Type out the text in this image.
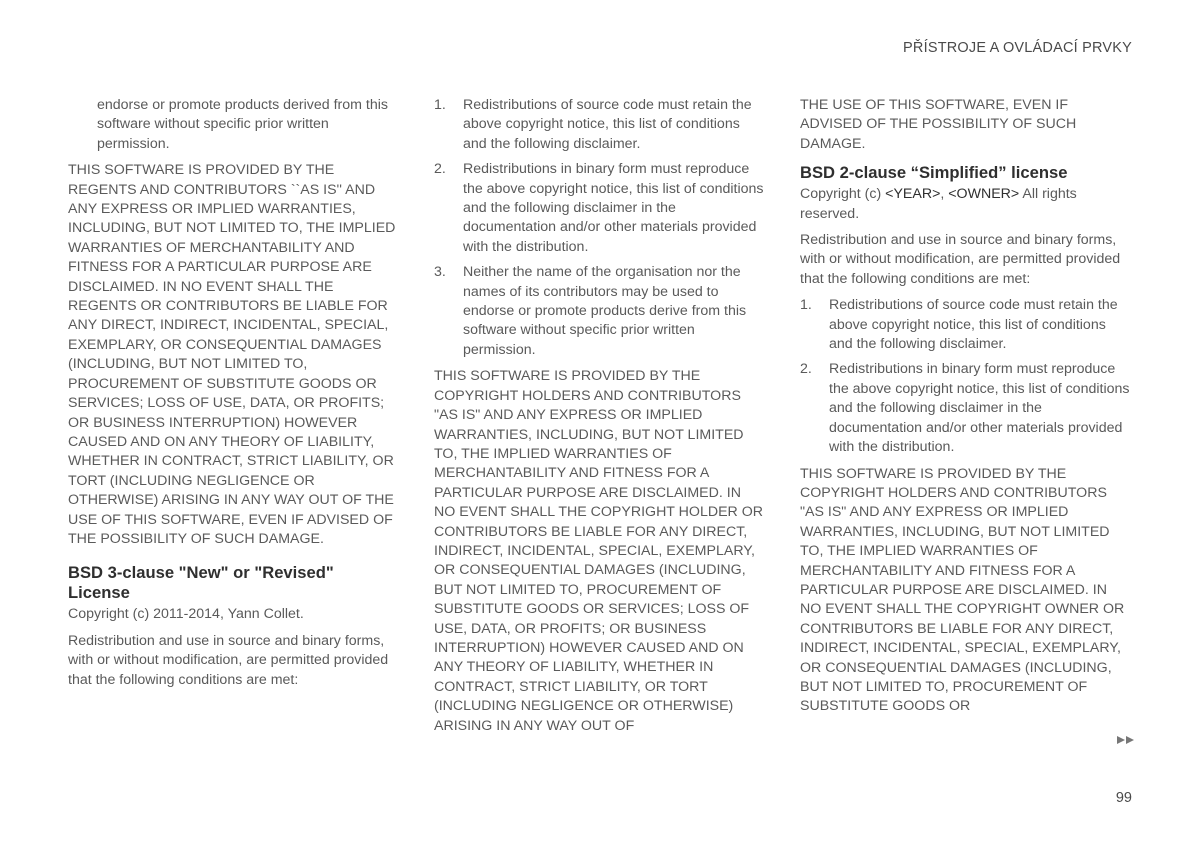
PŘÍSTROJE A OVLÁDACÍ PRVKY

endorse or promote products derived from this software without specific prior written permission.

THIS SOFTWARE IS PROVIDED BY THE REGENTS AND CONTRIBUTORS ``AS IS'' AND ANY EXPRESS OR IMPLIED WARRANTIES, INCLUDING, BUT NOT LIMITED TO, THE IMPLIED WARRANTIES OF MERCHANTABILITY AND FITNESS FOR A PARTICULAR PURPOSE ARE DISCLAIMED. IN NO EVENT SHALL THE REGENTS OR CONTRIBUTORS BE LIABLE FOR ANY DIRECT, INDIRECT, INCIDENTAL, SPECIAL, EXEMPLARY, OR CONSEQUENTIAL DAMAGES (INCLUDING, BUT NOT LIMITED TO, PROCUREMENT OF SUBSTITUTE GOODS OR SERVICES; LOSS OF USE, DATA, OR PROFITS; OR BUSINESS INTERRUPTION) HOWEVER CAUSED AND ON ANY THEORY OF LIABILITY, WHETHER IN CONTRACT, STRICT LIABILITY, OR TORT (INCLUDING NEGLIGENCE OR OTHERWISE) ARISING IN ANY WAY OUT OF THE USE OF THIS SOFTWARE, EVEN IF ADVISED OF THE POSSIBILITY OF SUCH DAMAGE.

BSD 3-clause "New" or "Revised" License

Copyright (c) 2011-2014, Yann Collet.

Redistribution and use in source and binary forms, with or without modification, are permitted provided that the following conditions are met:

1.	Redistributions of source code must retain the above copyright notice, this list of conditions and the following disclaimer.
2.	Redistributions in binary form must reproduce the above copyright notice, this list of conditions and the following disclaimer in the documentation and/or other materials provided with the distribution.
3.	Neither the name of the organisation nor the names of its contributors may be used to endorse or promote products derive from this software without specific prior written permission.

THIS SOFTWARE IS PROVIDED BY THE COPYRIGHT HOLDERS AND CONTRIBUTORS "AS IS" AND ANY EXPRESS OR IMPLIED WARRANTIES, INCLUDING, BUT NOT LIMITED TO, THE IMPLIED WARRANTIES OF MERCHANTABILITY AND FITNESS FOR A PARTICULAR PURPOSE ARE DISCLAIMED. IN NO EVENT SHALL THE COPYRIGHT HOLDER OR CONTRIBUTORS BE LIABLE FOR ANY DIRECT, INDIRECT, INCIDENTAL, SPECIAL, EXEMPLARY, OR CONSEQUENTIAL DAMAGES (INCLUDING, BUT NOT LIMITED TO, PROCUREMENT OF SUBSTITUTE GOODS OR SERVICES; LOSS OF USE, DATA, OR PROFITS; OR BUSINESS INTERRUPTION) HOWEVER CAUSED AND ON ANY THEORY OF LIABILITY, WHETHER IN CONTRACT, STRICT LIABILITY, OR TORT (INCLUDING NEGLIGENCE OR OTHERWISE) ARISING IN ANY WAY OUT OF

THE USE OF THIS SOFTWARE, EVEN IF ADVISED OF THE POSSIBILITY OF SUCH DAMAGE.

BSD 2-clause “Simplified” license

Copyright (c) <YEAR>, <OWNER> All rights reserved.

Redistribution and use in source and binary forms, with or without modification, are permitted provided that the following conditions are met:

1.	Redistributions of source code must retain the above copyright notice, this list of conditions and the following disclaimer.
2.	Redistributions in binary form must reproduce the above copyright notice, this list of conditions and the following disclaimer in the documentation and/or other materials provided with the distribution.

THIS SOFTWARE IS PROVIDED BY THE COPYRIGHT HOLDERS AND CONTRIBUTORS "AS IS" AND ANY EXPRESS OR IMPLIED WARRANTIES, INCLUDING, BUT NOT LIMITED TO, THE IMPLIED WARRANTIES OF MERCHANTABILITY AND FITNESS FOR A PARTICULAR PURPOSE ARE DISCLAIMED. IN NO EVENT SHALL THE COPYRIGHT OWNER OR CONTRIBUTORS BE LIABLE FOR ANY DIRECT, INDIRECT, INCIDENTAL, SPECIAL, EXEMPLARY, OR CONSEQUENTIAL DAMAGES (INCLUDING, BUT NOT LIMITED TO, PROCUREMENT OF SUBSTITUTE GOODS OR

99
